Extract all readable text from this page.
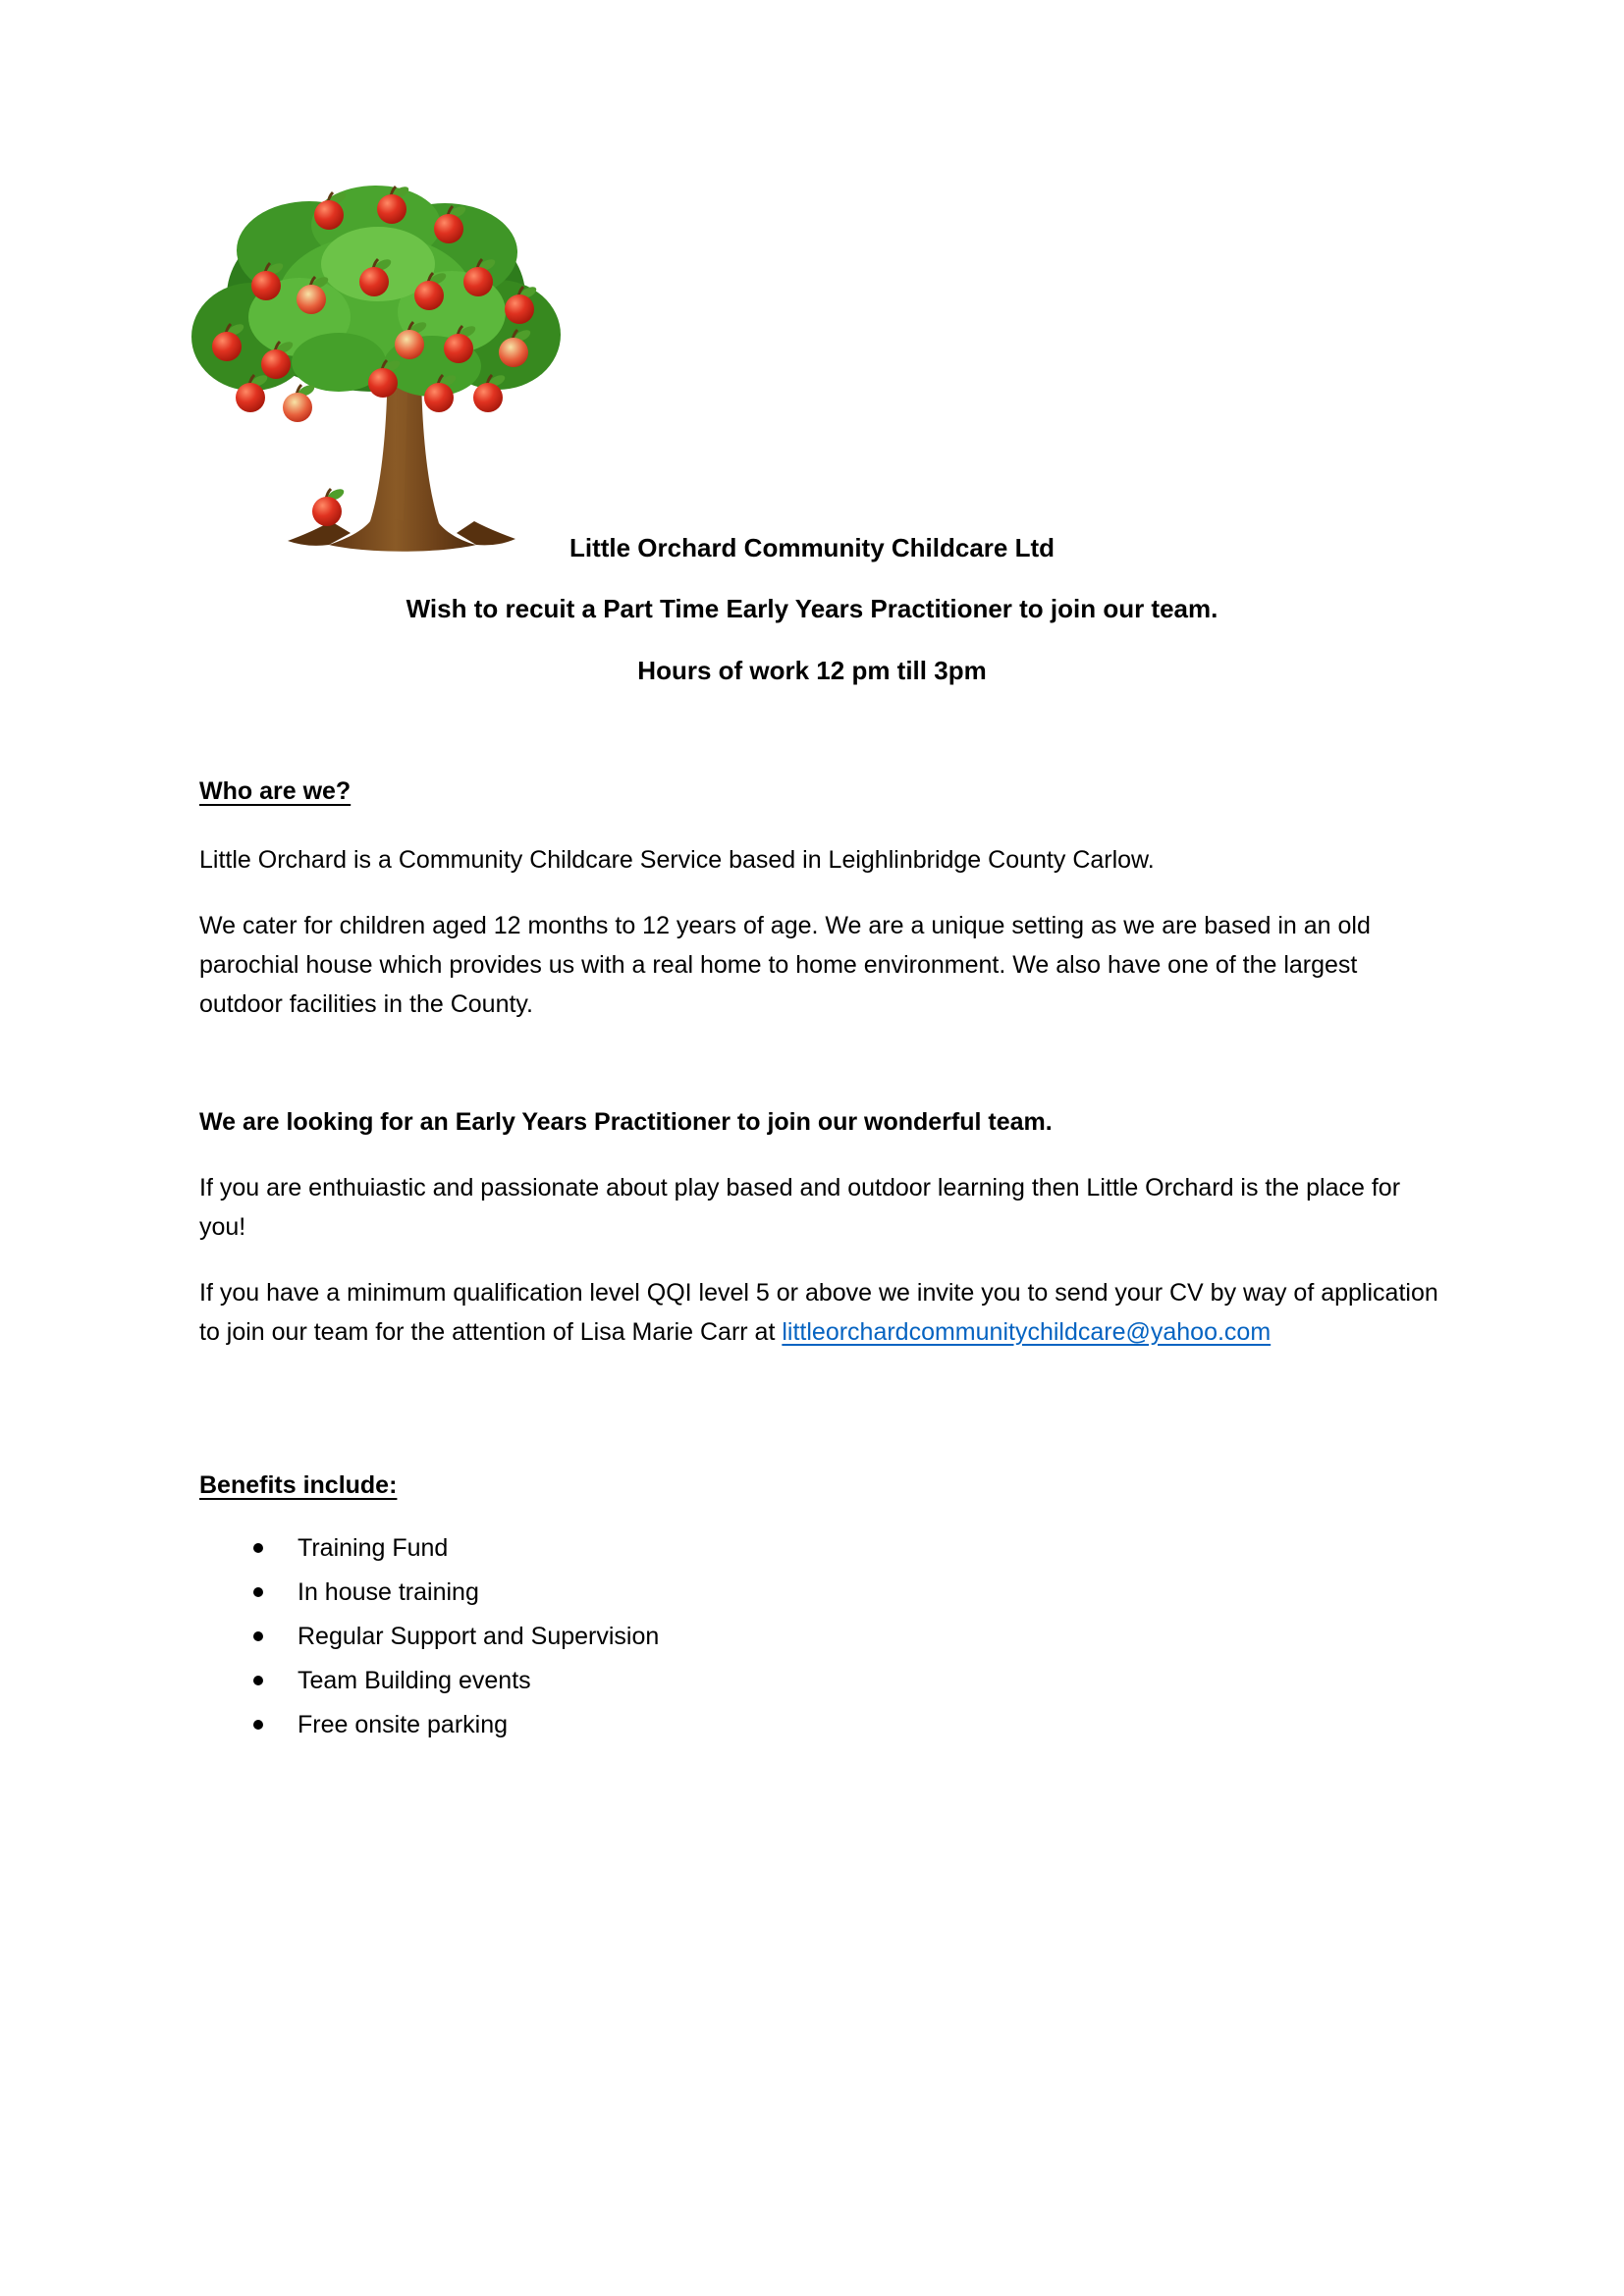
Little Orchard Community Childcare Ltd
Wish to recuit a Part Time Early Years Practitioner to join our team.
Hours of work 12 pm till 3pm
Who are we?
Little Orchard is a Community Childcare Service based in Leighlinbridge County Carlow.
We cater for children aged 12 months to 12 years of age. We are a unique setting as we are based in an old parochial house which provides us with a real home to home environment. We also have one of the largest outdoor facilities in the County.
We are looking for an Early Years Practitioner to join our wonderful team.
If you are enthuiastic and passionate about play based and outdoor learning then Little Orchard is the place for you!
If you have a minimum qualification level QQI level 5 or above we invite you to send your CV by way of application to join our team for the attention of Lisa Marie Carr at littleorchardcommunitychildcare@yahoo.com
Benefits include:
Training Fund
In house training
Regular Support and Supervision
Team Building events
Free onsite parking
